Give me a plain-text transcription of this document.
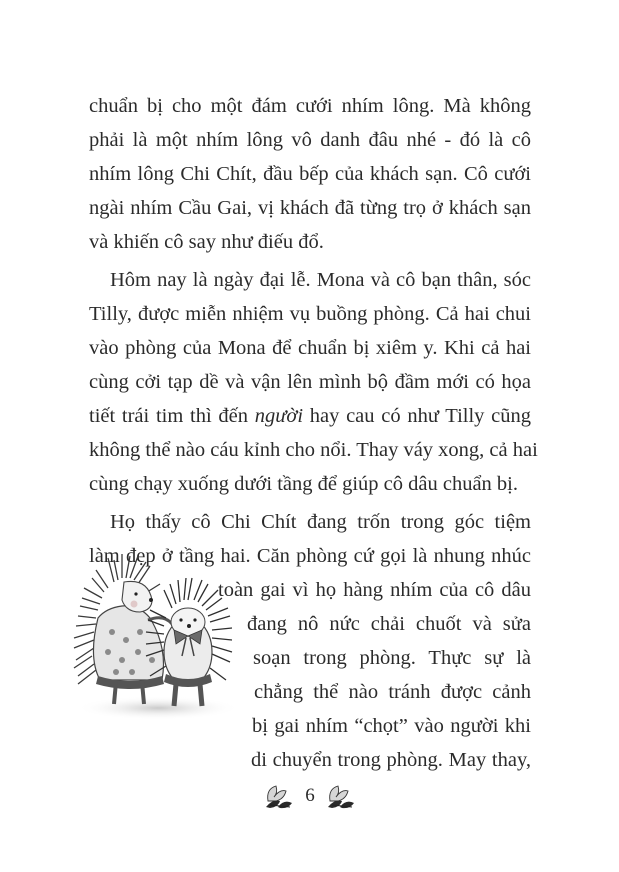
chuẩn bị cho một đám cưới nhím lông. Mà không
phải là một nhím lông vô danh đâu nhé - đó là cô
nhím lông Chi Chít, đầu bếp của khách sạn. Cô cưới
ngài nhím Cầu Gai, vị khách đã từng trọ ở khách sạn
và khiến cô say như điếu đổ.
Hôm nay là ngày đại lễ. Mona và cô bạn thân, sóc
Tilly, được miễn nhiệm vụ buồng phòng. Cả hai chui
vào phòng của Mona để chuẩn bị xiêm y. Khi cả hai
cùng cởi tạp dề và vận lên mình bộ đầm mới có họa
tiết trái tim thì đến người hay cau có như Tilly cũng
không thể nào cáu kỉnh cho nổi. Thay váy xong, cả hai
cùng chạy xuống dưới tầng để giúp cô dâu chuẩn bị.
Họ thấy cô Chi Chít đang trốn trong góc tiệm
làm đẹp ở tầng hai. Căn phòng cứ gọi là nhung nhúc
toàn gai vì họ hàng nhím của cô dâu
đang nô nức chải chuốt và sửa
soạn trong phòng. Thực sự là
chẳng thể nào tránh được cảnh
bị gai nhím “chọt” vào người khi
di chuyển trong phòng. May thay,
6
